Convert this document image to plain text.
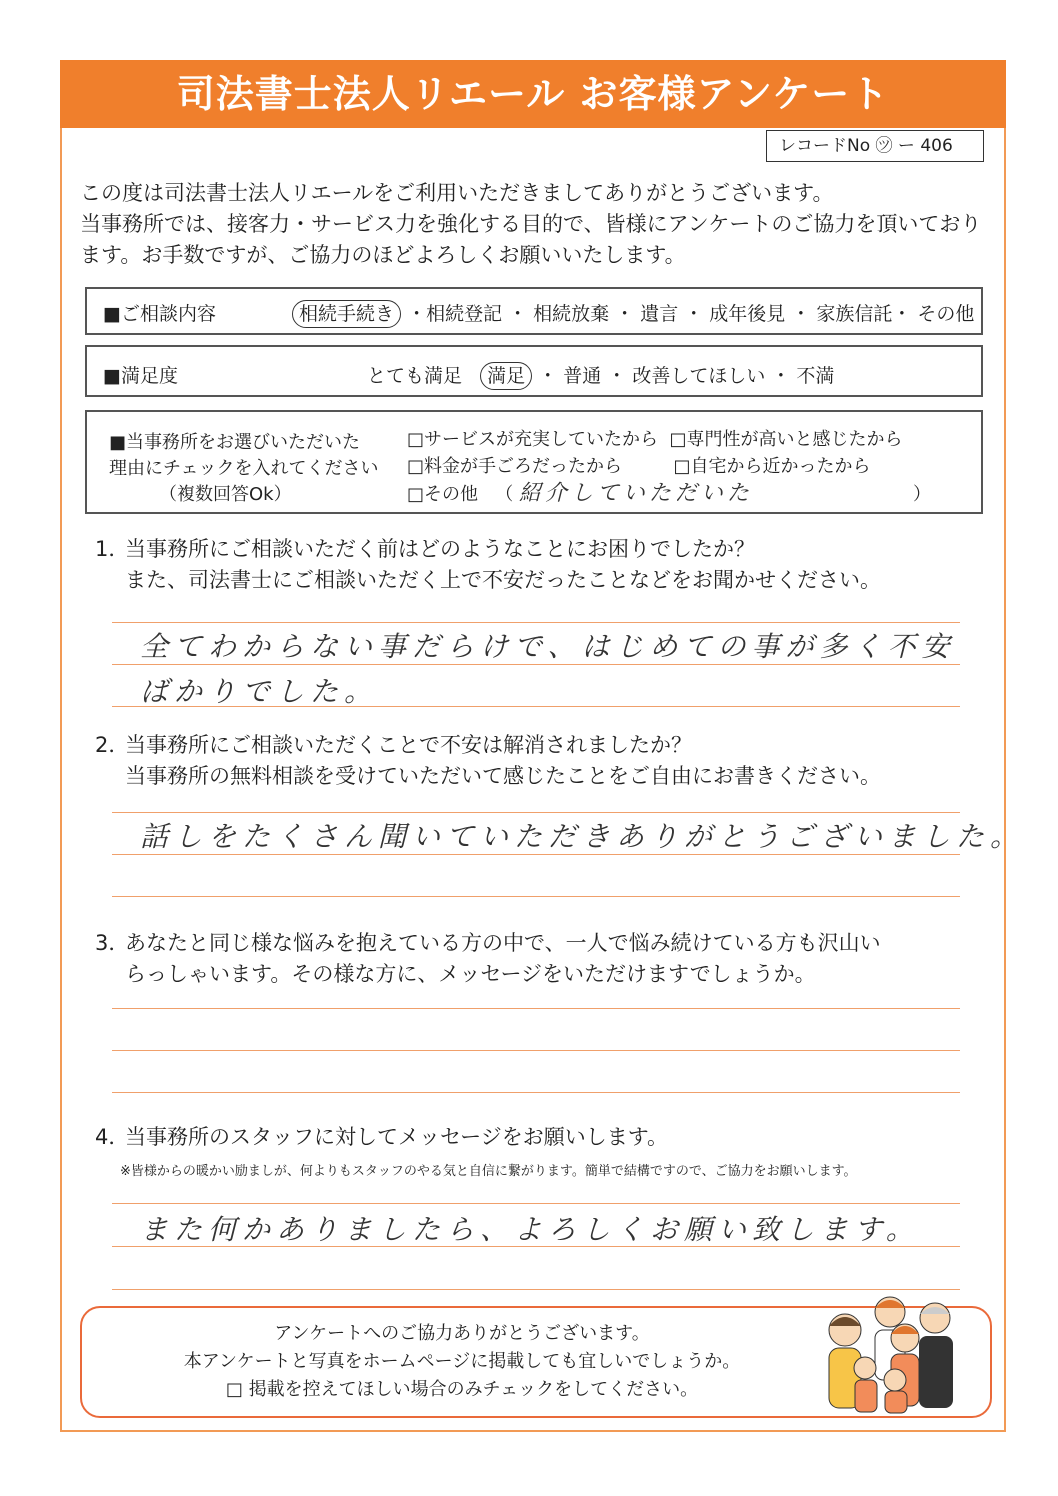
司法書士法人リエール お客様アンケート
レコードNo ㋡ ー 406
この度は司法書士法人リエールをご利用いただきましてありがとうございます。
当事務所では、接客力・サービス力を強化する目的で、皆様にアンケートのご協力を頂いており
ます。お手数ですが、ご協力のほどよろしくお願いいたします。
■ご相談内容	相続手続き ・相続登記 ・ 相続放棄 ・ 遺言 ・ 成年後見 ・ 家族信託・ その他
■満足度	とても満足 満足 ・ 普通 ・ 改善してほしい ・ 不満
■当事務所をお選びいただいた
理由にチェックを入れてください
（複数回答Ok）
□サービスが充実していたから □専門性が高いと感じたから
□料金が手ごろだったから	□自宅から近かったから
□その他 （ 紹介していただいた	）
1．当事務所にご相談いただく前はどのようなことにお困りでしたか？
また、司法書士にご相談いただく上で不安だったことなどをお聞かせください。
全てわからない事だらけで、はじめての事が多く不安
ばかりでした。
2．当事務所にご相談いただくことで不安は解消されましたか？
当事務所の無料相談を受けていただいて感じたことをご自由にお書きください。
話しをたくさん聞いていただきありがとうございました。
3．あなたと同じ様な悩みを抱えている方の中で、一人で悩み続けている方も沢山い
らっしゃいます。その様な方に、メッセージをいただけますでしょうか。
4．当事務所のスタッフに対してメッセージをお願いします。
※皆様からの暖かい励ましが、何よりもスタッフのやる気と自信に繋がります。簡単で結構ですので、ご協力をお願いします。
また何かありましたら、よろしくお願い致します。
アンケートへのご協力ありがとうございます。
本アンケートと写真をホームページに掲載しても宜しいでしょうか。
□ 掲載を控えてほしい場合のみチェックをしてください。
